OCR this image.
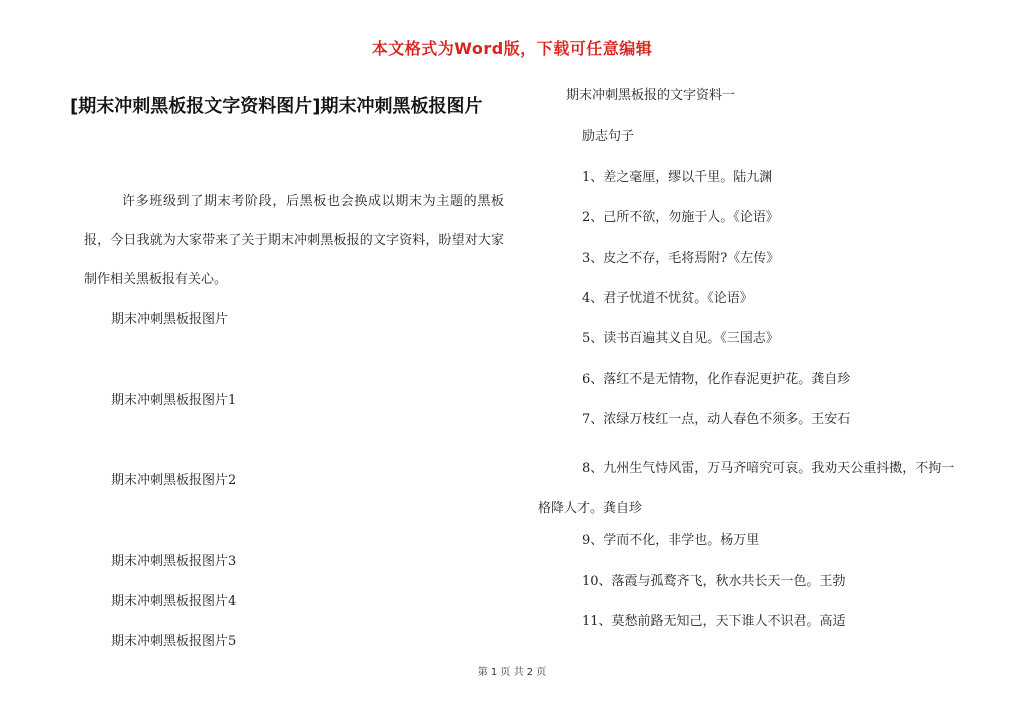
本文格式为Word版，下载可任意编辑
[期末冲刺黑板报文字资料图片]期末冲刺黑板报图片
许多班级到了期末考阶段，后黑板也会换成以期末为主题的黑板报，今日我就为大家带来了关于期末冲刺黑板报的文字资料，盼望对大家制作相关黑板报有关心。
期末冲刺黑板报图片
期末冲刺黑板报图片1
期末冲刺黑板报图片2
期末冲刺黑板报图片3
期末冲刺黑板报图片4
期末冲刺黑板报图片5
期末冲刺黑板报的文字资料一
励志句子
1、差之毫厘，缪以千里。陆九渊
2、己所不欲，勿施于人。《论语》
3、皮之不存，毛将焉附?《左传》
4、君子忧道不忧贫。《论语》
5、读书百遍其义自见。《三国志》
6、落红不是无情物，化作春泥更护花。龚自珍
7、浓绿万枝红一点，动人春色不须多。王安石
8、九州生气恃风雷，万马齐喑究可哀。我劝天公重抖擞，不拘一格降人才。龚自珍
9、学而不化，非学也。杨万里
10、落霞与孤鹜齐飞，秋水共长天一色。王勃
11、莫愁前路无知己，天下谁人不识君。高适
第 1 页 共 2 页
